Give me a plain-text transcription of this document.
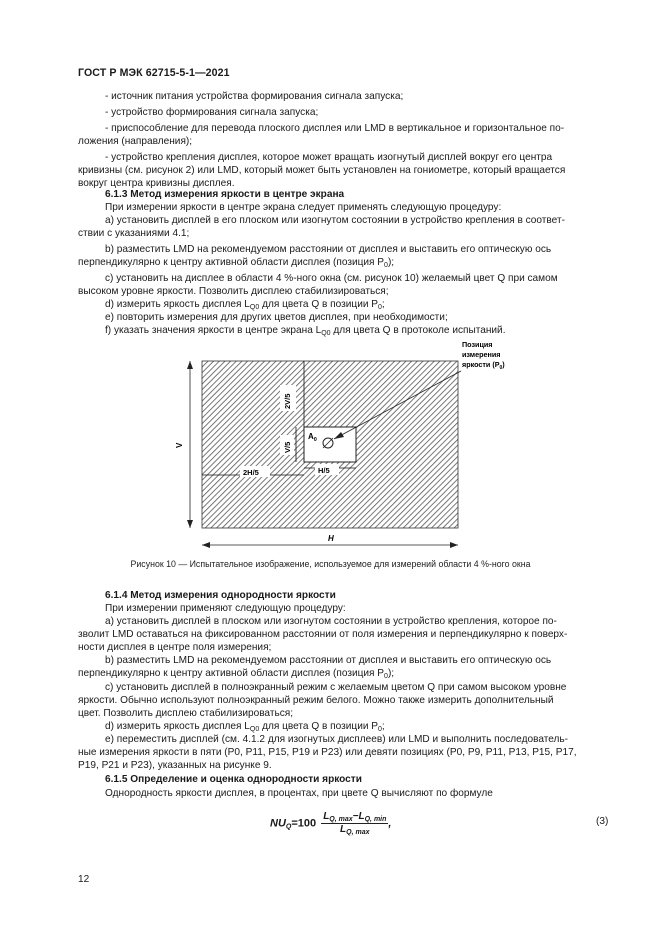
ГОСТ Р МЭК 62715-5-1—2021
- источник питания устройства формирования сигнала запуска;
- устройство формирования сигнала запуска;
- приспособление для перевода плоского дисплея или LMD в вертикальное и горизонтальное по-
ложения (направления);
- устройство крепления дисплея, которое может вращать изогнутый дисплей вокруг его центра
кривизны (см. рисунок 2) или LMD, который может быть установлен на гониометре, который вращается
вокруг центра кривизны дисплея.
6.1.3 Метод измерения яркости в центре экрана
При измерении яркости в центре экрана следует применять следующую процедуру:
а) установить дисплей в его плоском или изогнутом состоянии в устройство крепления в соответ-
ствии с указаниями 4.1;
b) разместить LMD на рекомендуемом расстоянии от дисплея и выставить его оптическую ось
перпендикулярно к центру активной области дисплея (позиция $P_0$);
с) установить на дисплее в области 4 %-ного окна (см. рисунок 10) желаемый цвет Q при самом
высоком уровне яркости. Позволить дисплею стабилизироваться;
d) измерить яркость дисплея $L_{Q0}$ для цвета Q в позиции $P_0$;
е) повторить измерения для других цветов дисплея, при необходимости;
f) указать значения яркости в центре экрана $L_{Q0}$ для цвета Q в протоколе испытаний.
V
H
2V/5
V/5
2H/5	H/5
$A_0$
Позиция
измерения
яркости $(P_0)$
Рисунок 10 — Испытательное изображение, используемое для измерений области 4 %-ного окна
6.1.4 Метод измерения однородности яркости
При измерении применяют следующую процедуру:
а) установить дисплей в плоском или изогнутом состоянии в устройство крепления, которое по-
зволит LMD оставаться на фиксированном расстоянии от поля измерения и перпендикулярно к поверх-
ности дисплея в центре поля измерения;
b) разместить LMD на рекомендуемом расстоянии от дисплея и выставить его оптическую ось
перпендикулярно к центру активной области дисплея (позиция $P_0$);
с) установить дисплей в полноэкранный режим с желаемым цветом Q при самом высоком уровне
яркости. Обычно используют полноэкранный режим белого. Можно также измерить дополнительный
цвет. Позволить дисплею стабилизироваться;
d) измерить яркость дисплея $L_{Q0}$ для цвета Q в позиции $P_0$;
е) переместить дисплей (см. 4.1.2 для изогнутых дисплеев) или LMD и выполнить последователь-
ные измерения яркости в пяти (P0, P11, P15, P19 и P23) или девяти позициях (P0, P9, P11, P13, P15, P17,
P19, P21 и P23), указанных на рисунке 9.
6.1.5 Определение и оценка однородности яркости
Однородность яркости дисплея, в процентах, при цвете Q вычисляют по формуле
$NU_Q=100$
$L_{Q, max}-L_{Q, min}$
$L_{Q, max}$
,	(3)
12
